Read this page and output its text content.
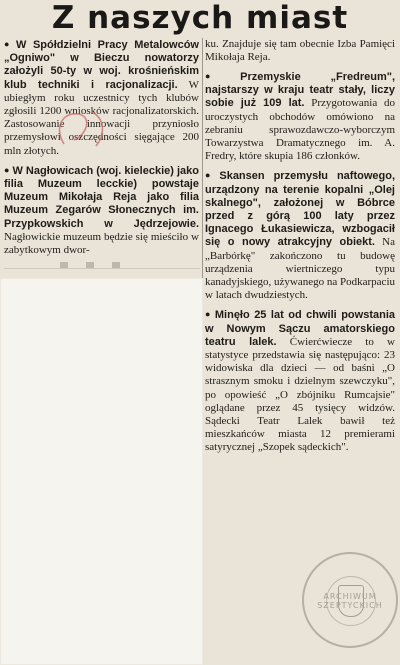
Z naszych miast

● W Spółdzielni Pracy Metalowców „Ogniwo" w Bieczu nowatorzy założyli 50-ty w woj. krośnieńskim klub techniki i racjonalizacji. W ubiegłym roku uczestnicy tych klubów zgłosili 1200 wniosków racjonalizatorskich. Zastosowanie innowacji przyniosło przemysłowi oszczędności sięgające 200 mln złotych.

● W Nagłowicach (woj. kieleckie) jako filia Muzeum lecckie) powstaje Muzeum Mikołaja Reja jako filia Muzeum Zegarów Słonecznych im. Przypkowskich w Jędrzejowie. Nagłowickie muzeum będzie się mieściło w zabytkowym dwor-

ku. Znajduje się tam obecnie Izba Pamięci Mikołaja Reja.

● Przemyskie „Fredreum", najstarszy w kraju teatr stały, liczy sobie już 109 lat. Przygotowania do uroczystych obchodów omówiono na zebraniu sprawozdawczo-wyborczym Towarzystwa Dramatycznego im. A. Fredry, które skupia 186 członków.

● Skansen przemysłu naftowego, urządzony na terenie kopalni „Olej skalnego", założonej w Bóbrce przed z górą 100 laty przez Ignacego Łukasiewicza, wzbogacił się o nowy atrakcyjny obiekt. Na „Barbórkę" zakończono tu budowę urządzenia wiertniczego typu kanadyjskiego, używanego na Podkarpaciu w latach dwudziestych.

● Minęło 25 lat od chwili powstania w Nowym Sączu amatorskiego teatru lalek. Ćwierćwiecze to w statystyce przedstawia się następująco: 23 widowiska dla dzieci — od baśni „O strasznym smoku i dzielnym szewczyku", po opowieść „O zbójniku Rumcajsie" oglądane przez 45 tysięcy widzów. Sądecki Teatr Lalek bawił też mieszkańców miasta 12 premierami satyrycznej „Szopek sądeckich".

ARCHIWUM SZEPTYCKICH
